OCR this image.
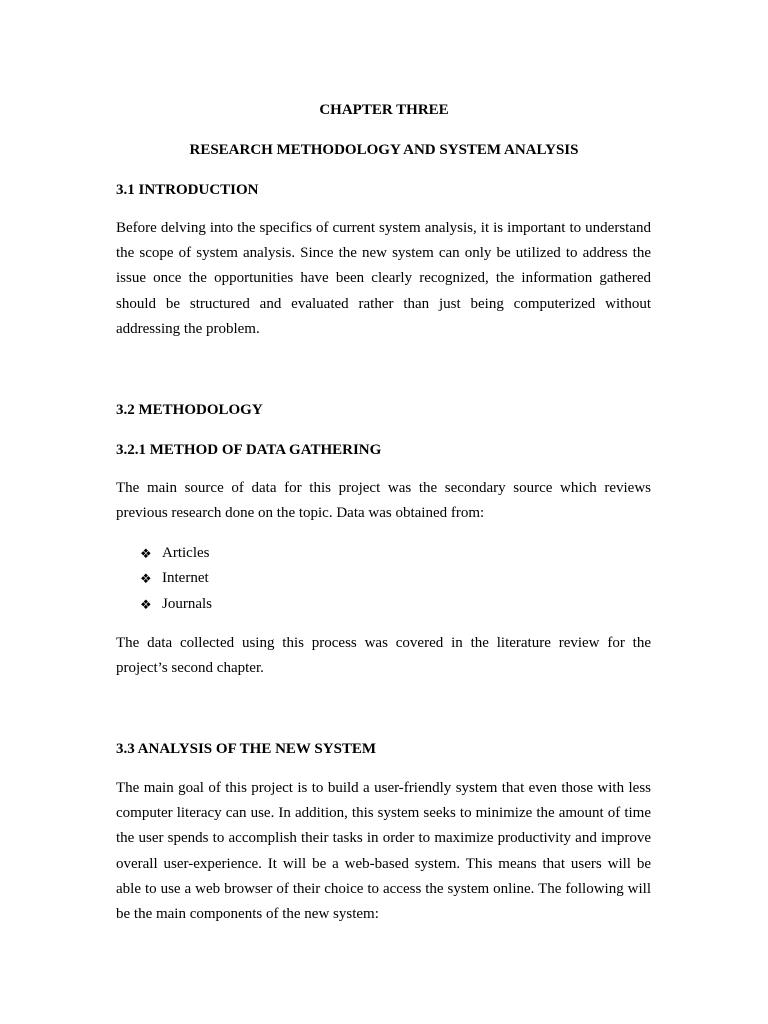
CHAPTER THREE
RESEARCH METHODOLOGY AND SYSTEM ANALYSIS
3.1 INTRODUCTION

Before delving into the specifics of current system analysis, it is important to understand the scope of system analysis. Since the new system can only be utilized to address the issue once the opportunities have been clearly recognized, the information gathered should be structured and evaluated rather than just being computerized without addressing the problem.

3.2 METHODOLOGY
3.2.1 METHOD OF DATA GATHERING

The main source of data for this project was the secondary source which reviews previous research done on the topic. Data was obtained from:

❖ Articles
❖ Internet
❖ Journals

The data collected using this process was covered in the literature review for the project’s second chapter.

3.3 ANALYSIS OF THE NEW SYSTEM

The main goal of this project is to build a user-friendly system that even those with less computer literacy can use. In addition, this system seeks to minimize the amount of time the user spends to accomplish their tasks in order to maximize productivity and improve overall user-experience. It will be a web-based system. This means that users will be able to use a web browser of their choice to access the system online. The following will be the main components of the new system:
